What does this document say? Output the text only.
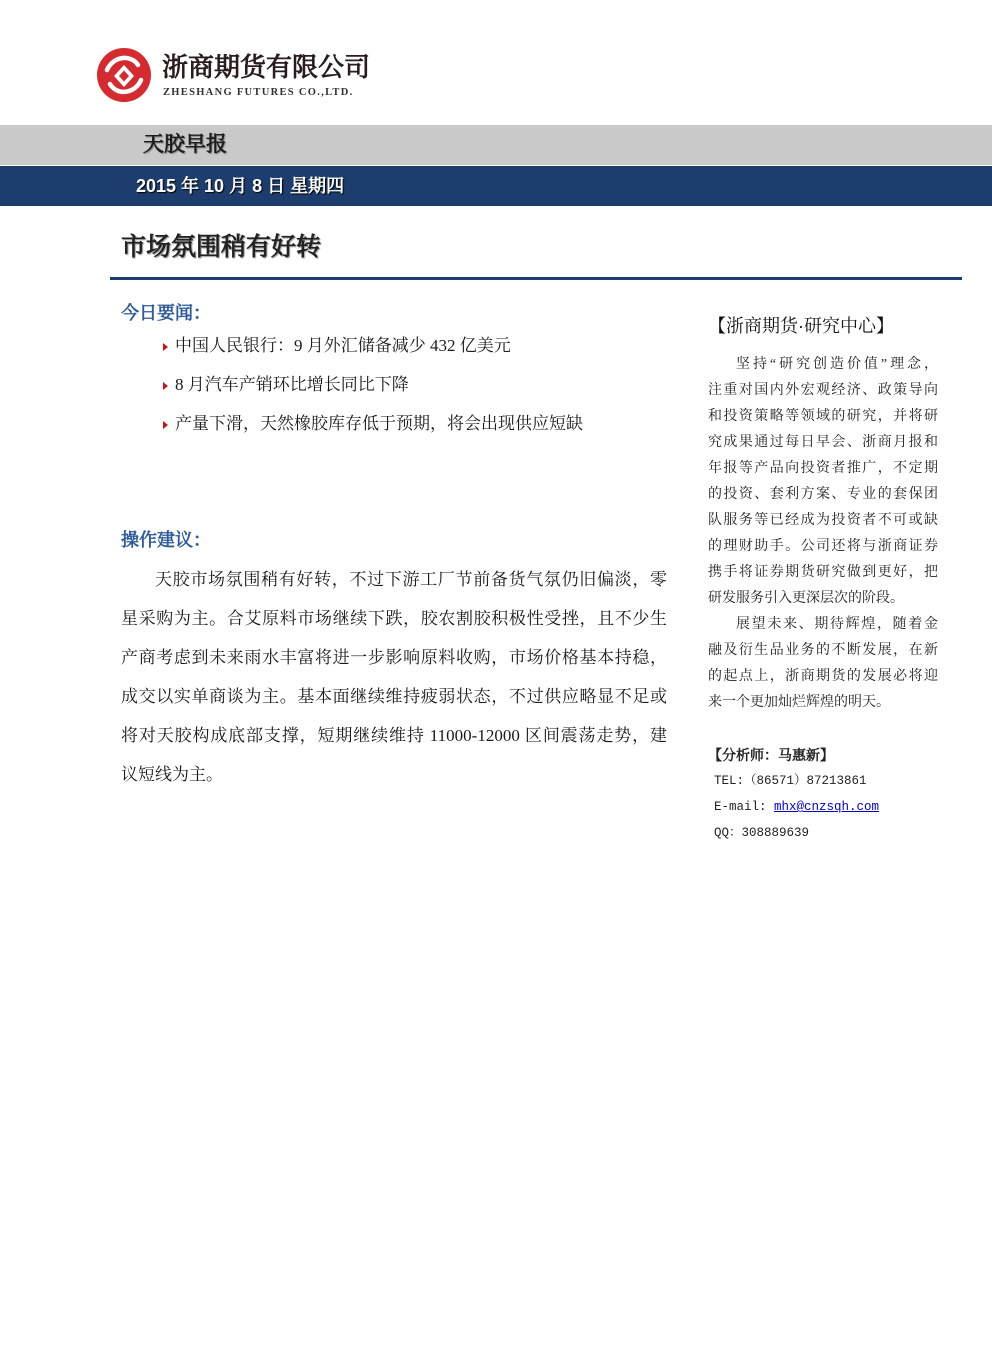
浙商期货有限公司
ZHESHANG FUTURES CO.,LTD.
天胶早报
2015 年 10 月 8 日 星期四
市场氛围稍有好转
今日要闻：
中国人民银行：9 月外汇储备减少 432 亿美元
8 月汽车产销环比增长同比下降
产量下滑，天然橡胶库存低于预期，将会出现供应短缺
操作建议：
天胶市场氛围稍有好转，不过下游工厂节前备货气氛仍旧偏淡，零
星采购为主。合艾原料市场继续下跌，胶农割胶积极性受挫，且不少生
产商考虑到未来雨水丰富将进一步影响原料收购，市场价格基本持稳，
成交以实单商谈为主。基本面继续维持疲弱状态，不过供应略显不足或
将对天胶构成底部支撑，短期继续维持 11000-12000 区间震荡走势，建
议短线为主。
【浙商期货·研究中心】
坚持“研究创造价值”理念，
注重对国内外宏观经济、政策导向
和投资策略等领域的研究，并将研
究成果通过每日早会、浙商月报和
年报等产品向投资者推广，不定期
的投资、套利方案、专业的套保团
队服务等已经成为投资者不可或缺
的理财助手。公司还将与浙商证券
携手将证券期货研究做到更好，把
研发服务引入更深层次的阶段。
展望未来、期待辉煌，随着金
融及衍生品业务的不断发展，在新
的起点上，浙商期货的发展必将迎
来一个更加灿烂辉煌的明天。
【分析师：马惠新】
TEL:（86571）87213861
E-mail: mhx@cnzsqh.com
QQ：308889639
